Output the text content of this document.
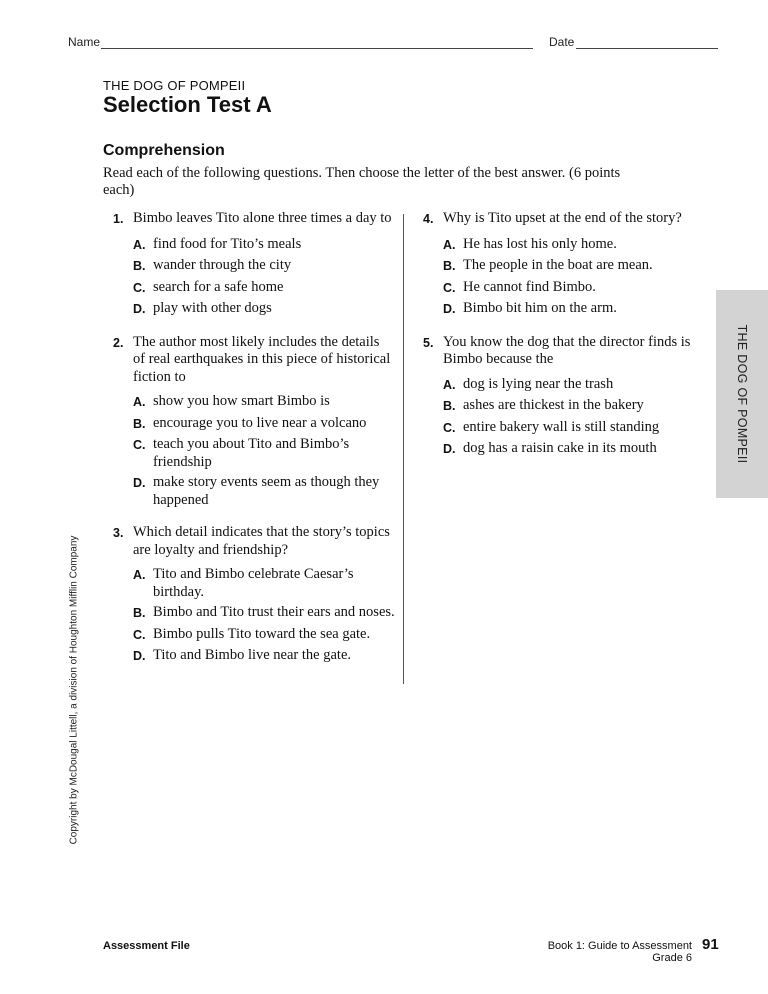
Name	Date
THE DOG OF POMPEII
Selection Test A
Comprehension
Read each of the following questions. Then choose the letter of the best answer. (6 points each)
1. Bimbo leaves Tito alone three times a day to
A. find food for Tito’s meals
B. wander through the city
C. search for a safe home
D. play with other dogs
2. The author most likely includes the details of real earthquakes in this piece of historical fiction to
A. show you how smart Bimbo is
B. encourage you to live near a volcano
C. teach you about Tito and Bimbo’s friendship
D. make story events seem as though they happened
3. Which detail indicates that the story’s topics are loyalty and friendship?
A. Tito and Bimbo celebrate Caesar’s birthday.
B. Bimbo and Tito trust their ears and noses.
C. Bimbo pulls Tito toward the sea gate.
D. Tito and Bimbo live near the gate.
4. Why is Tito upset at the end of the story?
A. He has lost his only home.
B. The people in the boat are mean.
C. He cannot find Bimbo.
D. Bimbo bit him on the arm.
5. You know the dog that the director finds is Bimbo because the
A. dog is lying near the trash
B. ashes are thickest in the bakery
C. entire bakery wall is still standing
D. dog has a raisin cake in its mouth	THE DOG OF POMPEII
Copyright by McDougal Littell, a division of Houghton Mifflin Company
Assessment File	Book 1: Guide to Assessment
Grade 6
91
